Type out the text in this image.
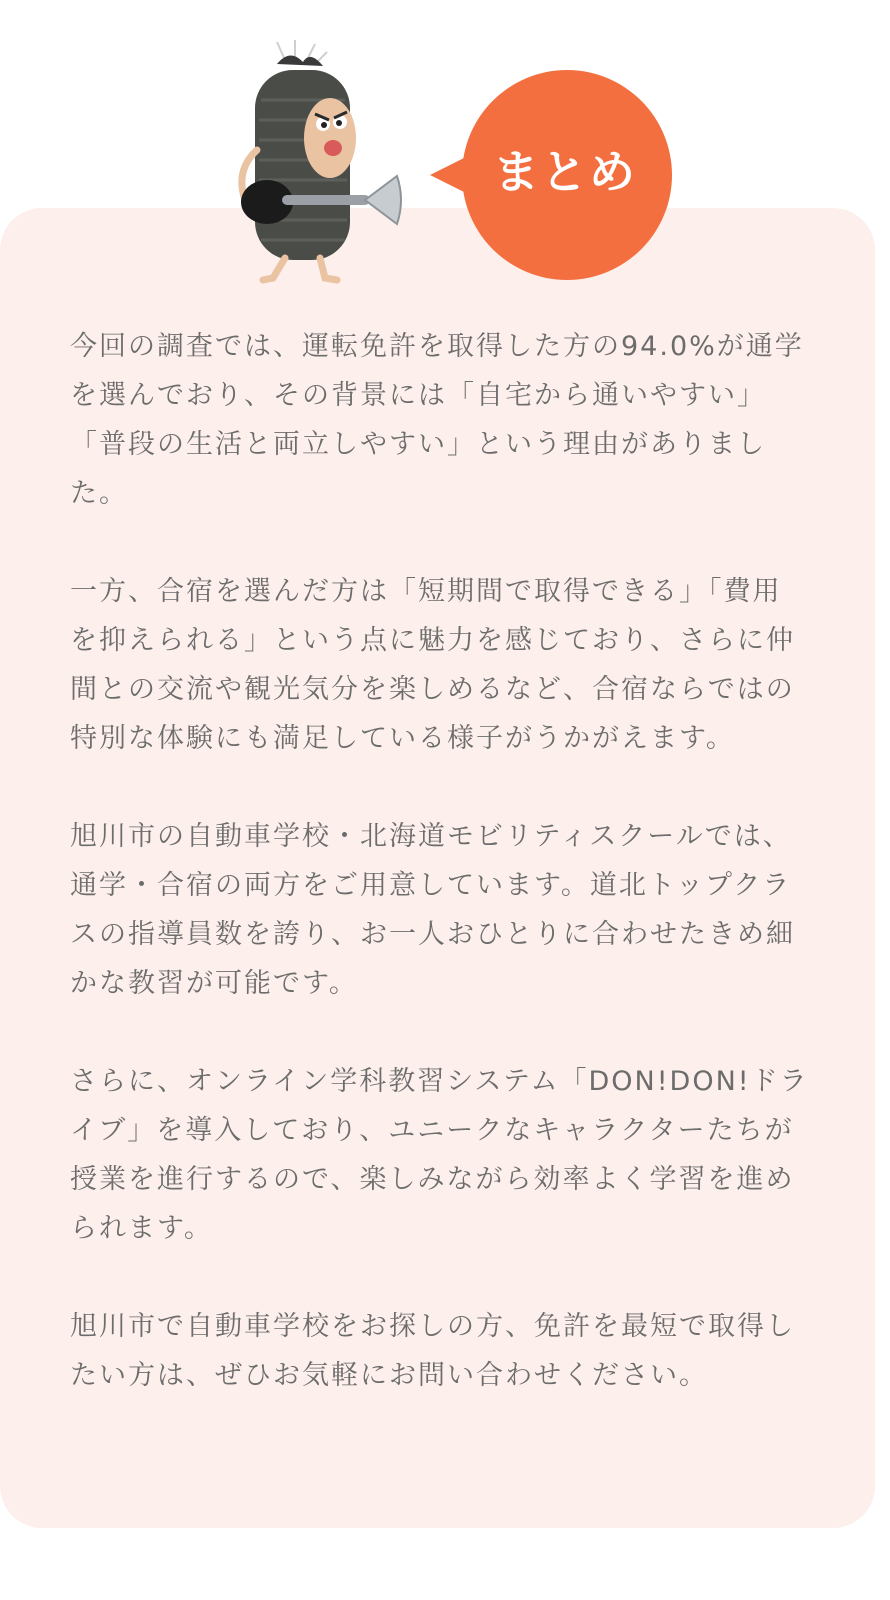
まとめ

今回の調査では、運転免許を取得した方の94.0%が通学を選んでおり、その背景には「自宅から通いやすい」「普段の生活と両立しやすい」という理由がありました。

一方、合宿を選んだ方は「短期間で取得できる」「費用を抑えられる」という点に魅力を感じており、さらに仲間との交流や観光気分を楽しめるなど、合宿ならではの特別な体験にも満足している様子がうかがえます。

旭川市の自動車学校・北海道モビリティスクールでは、通学・合宿の両方をご用意しています。道北トップクラスの指導員数を誇り、お一人おひとりに合わせたきめ細かな教習が可能です。

さらに、オンライン学科教習システム「DON!DON!ドライブ」を導入しており、ユニークなキャラクターたちが授業を進行するので、楽しみながら効率よく学習を進められます。

旭川市で自動車学校をお探しの方、免許を最短で取得したい方は、ぜひお気軽にお問い合わせください。
